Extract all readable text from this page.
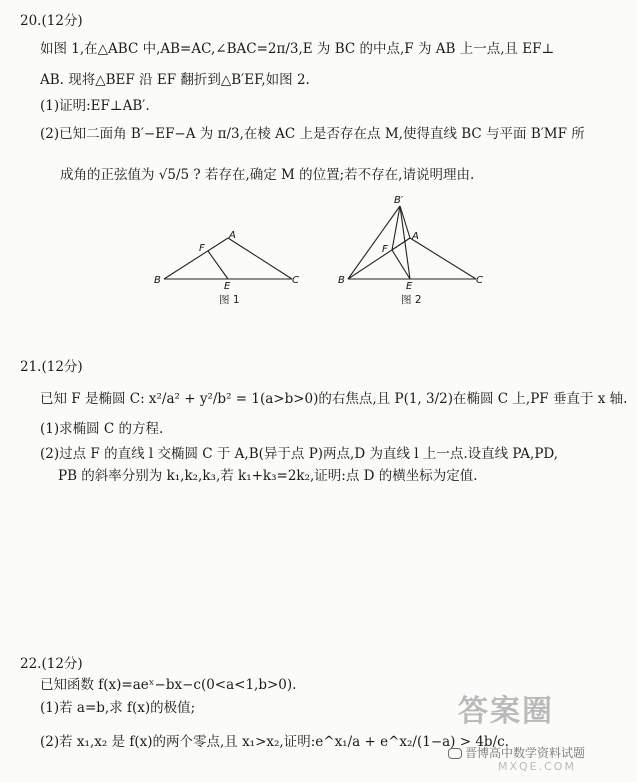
20.(12分)
如图 1,在△ABC 中,AB=AC,∠BAC=2π/3,E 为 BC 的中点,F 为 AB 上一点,且 EF⊥
AB. 现将△BEF 沿 EF 翻折到△B′EF,如图 2.
(1)证明:EF⊥AB′.
(2)已知二面角 B′−EF−A 为 π/3,在棱 AC 上是否存在点 M,使得直线 BC 与平面 B′MF 所
成角的正弦值为 √5/5 ? 若存在,确定 M 的位置;若不存在,请说明理由.
A
F
B	C
E
图 1
B′
A
F
B	C
E
图 2
21.(12分)
已知 F 是椭圆 C: x²/a² + y²/b² = 1(a>b>0)的右焦点,且 P(1, 3/2)在椭圆 C 上,PF 垂直于 x 轴.
(1)求椭圆 C 的方程.
(2)过点 F 的直线 l 交椭圆 C 于 A,B(异于点 P)两点,D 为直线 l 上一点.设直线 PA,PD,
PB 的斜率分别为 k₁,k₂,k₃,若 k₁+k₃=2k₂,证明:点 D 的横坐标为定值.
22.(12分)
已知函数 f(x)=aeˣ−bx−c(0<a<1,b>0).
(1)若 a=b,求 f(x)的极值;
(2)若 x₁,x₂ 是 f(x)的两个零点,且 x₁>x₂,证明:e^x₁/a + e^x₂/(1−a) > 4b/c.
答案圈
MXQE.COM
晋博高中数学资料试题
